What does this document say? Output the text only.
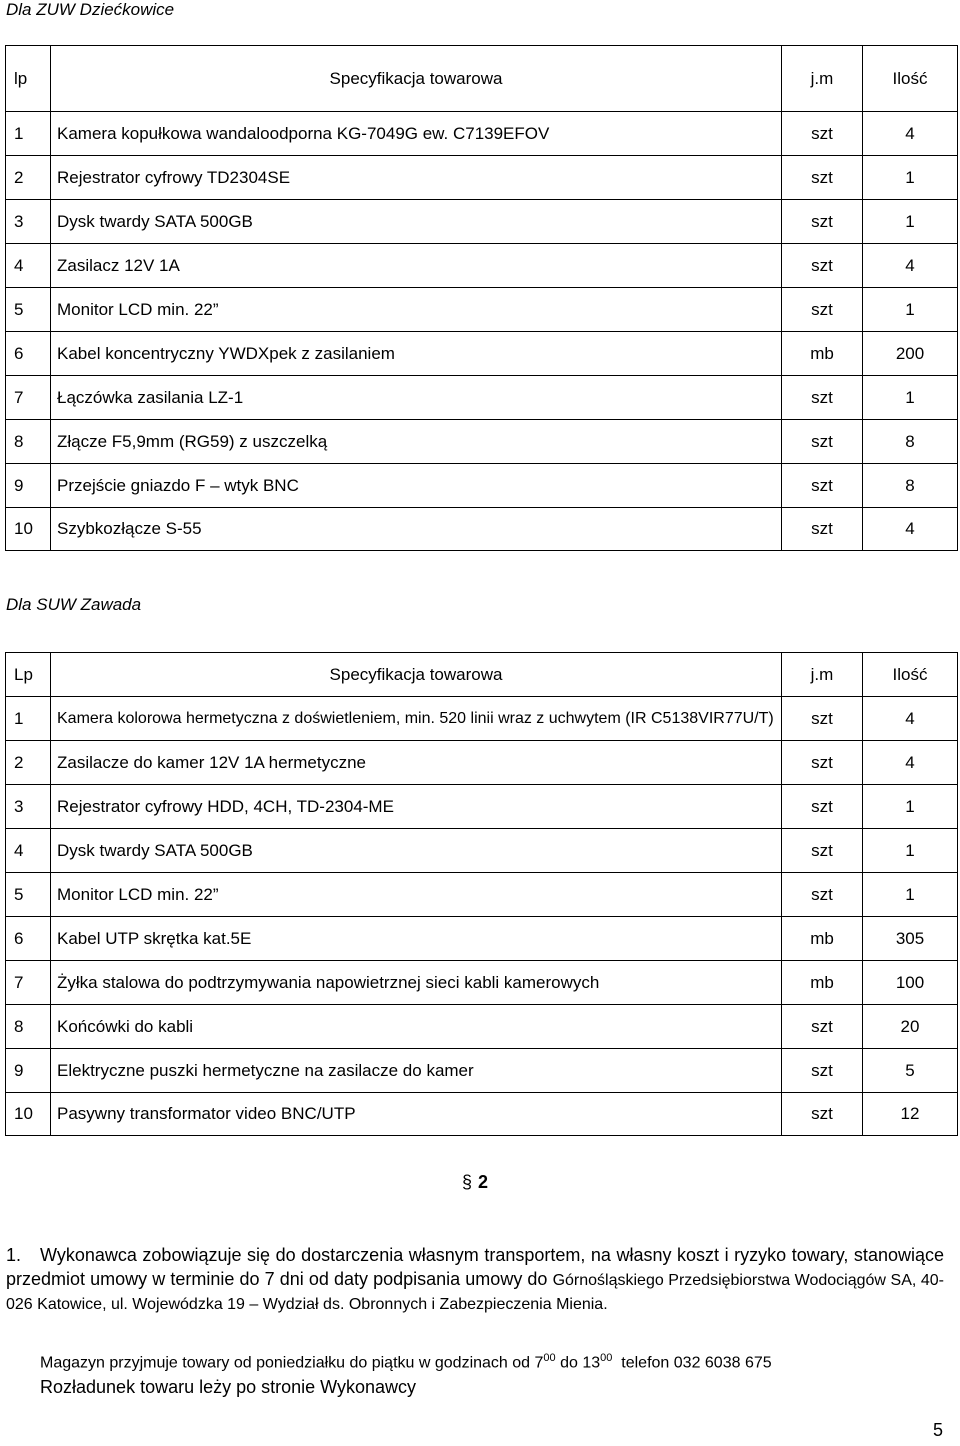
Dla ZUW Dziećkowice
lp	Specyfikacja towarowa	j.m	Ilość
1	Kamera kopułkowa wandaloodporna KG-7049G ew. C7139EFOV	szt	4
2	Rejestrator cyfrowy TD2304SE	szt	1
3	Dysk twardy SATA 500GB	szt	1
4	Zasilacz 12V 1A	szt	4
5	Monitor LCD min. 22”	szt	1
6	Kabel koncentryczny YWDXpek z zasilaniem	mb	200
7	Łączówka zasilania LZ-1	szt	1
8	Złącze F5,9mm (RG59) z uszczelką	szt	8
9	Przejście gniazdo F – wtyk BNC	szt	8
10	Szybkozłącze S-55	szt	4
Dla SUW Zawada
Lp	Specyfikacja towarowa	j.m	Ilość
1	Kamera kolorowa hermetyczna z doświetleniem, min. 520 linii wraz z uchwytem (IR C5138VIR77U/T)	szt	4
2	Zasilacze do kamer 12V 1A hermetyczne	szt	4
3	Rejestrator cyfrowy HDD, 4CH, TD-2304-ME	szt	1
4	Dysk twardy SATA 500GB	szt	1
5	Monitor LCD min. 22”	szt	1
6	Kabel UTP skrętka kat.5E	mb	305
7	Żyłka stalowa do podtrzymywania napowietrznej sieci kabli kamerowych	mb	100
8	Końcówki do kabli	szt	20
9	Elektryczne puszki hermetyczne na zasilacze do kamer	szt	5
10	Pasywny transformator video BNC/UTP	szt	12
§ 2
1. Wykonawca zobowiązuje się do dostarczenia własnym transportem, na własny koszt i ryzyko towary, stanowiące przedmiot umowy w terminie do 7 dni od daty podpisania umowy do Górnośląskiego Przedsiębiorstwa Wodociągów SA, 40-026 Katowice, ul. Wojewódzka 19 – Wydział ds. Obronnych i Zabezpieczenia Mienia.
Magazyn przyjmuje towary od poniedziałku do piątku w godzinach od $7^{00}$ do $13^{00}$  telefon 032 6038 675
Rozładunek towaru leży po stronie Wykonawcy
5
